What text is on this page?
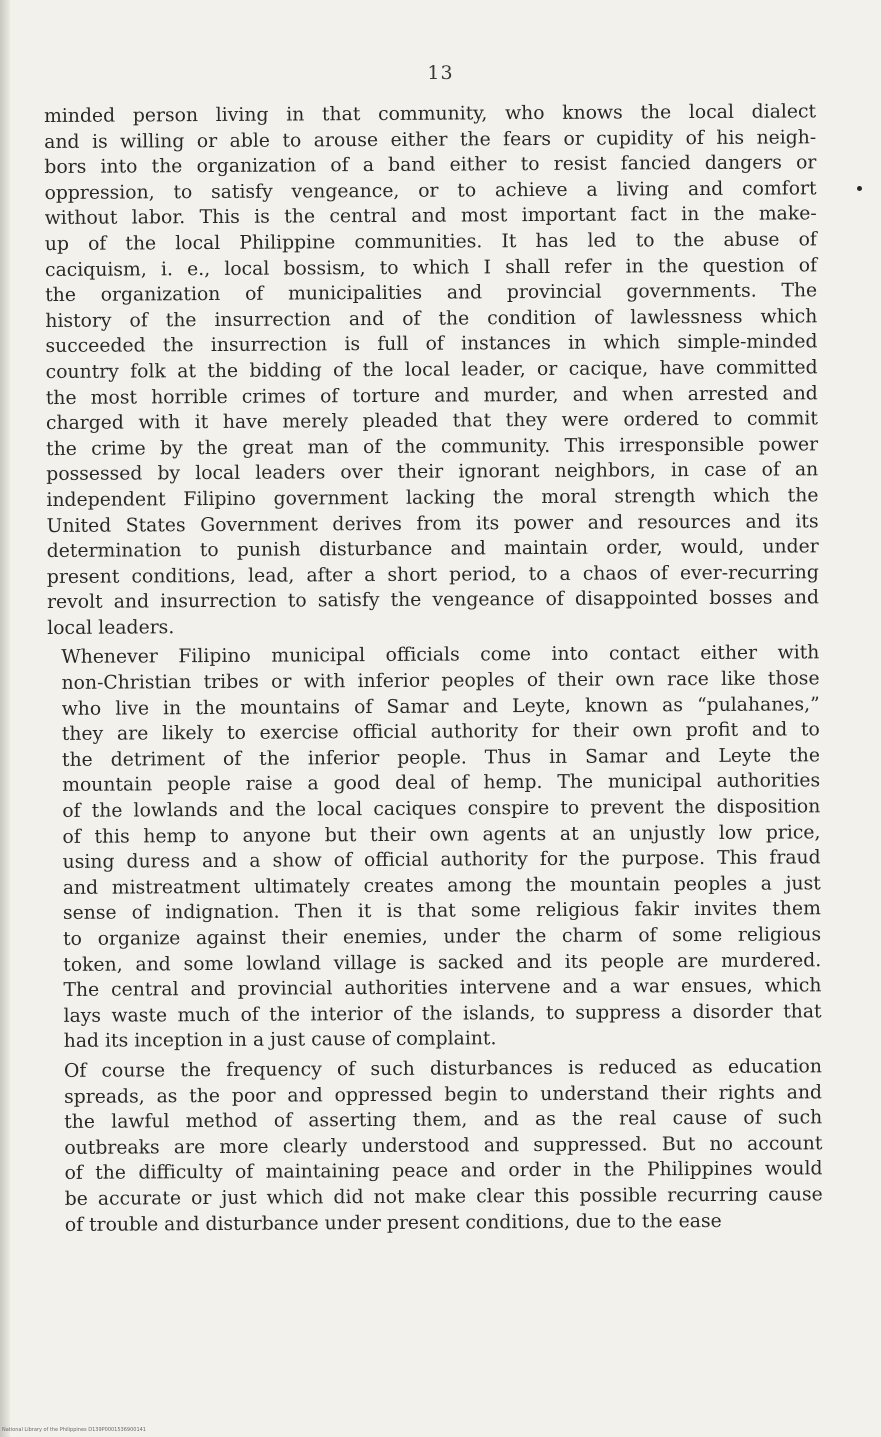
13

minded person living in that community, who knows the local dialect
and is willing or able to arouse either the fears or cupidity of his neigh-
bors into the organization of a band either to resist fancied dangers or
oppression, to satisfy vengeance, or to achieve a living and comfort
without labor. This is the central and most important fact in the make-
up of the local Philippine communities. It has led to the abuse of
caciquism, i. e., local bossism, to which I shall refer in the question of
the organization of municipalities and provincial governments. The
history of the insurrection and of the condition of lawlessness which
succeeded the insurrection is full of instances in which simple-minded
country folk at the bidding of the local leader, or cacique, have committed
the most horrible crimes of torture and murder, and when arrested and
charged with it have merely pleaded that they were ordered to commit
the crime by the great man of the community. This irresponsible power
possessed by local leaders over their ignorant neighbors, in case of an
independent Filipino government lacking the moral strength which the
United States Government derives from its power and resources and its
determination to punish disturbance and maintain order, would, under
present conditions, lead, after a short period, to a chaos of ever-recurring
revolt and insurrection to satisfy the vengeance of disappointed bosses and
local leaders.

Whenever Filipino municipal officials come into contact either with
non-Christian tribes or with inferior peoples of their own race like those
who live in the mountains of Samar and Leyte, known as “pulahanes,”
they are likely to exercise official authority for their own profit and to
the detriment of the inferior people. Thus in Samar and Leyte the
mountain people raise a good deal of hemp. The municipal authorities
of the lowlands and the local caciques conspire to prevent the disposition
of this hemp to anyone but their own agents at an unjustly low price,
using duress and a show of official authority for the purpose. This fraud
and mistreatment ultimately creates among the mountain peoples a just
sense of indignation. Then it is that some religious fakir invites them
to organize against their enemies, under the charm of some religious
token, and some lowland village is sacked and its people are murdered.
The central and provincial authorities intervene and a war ensues, which
lays waste much of the interior of the islands, to suppress a disorder that
had its inception in a just cause of complaint.

Of course the frequency of such disturbances is reduced as education
spreads, as the poor and oppressed begin to understand their rights and
the lawful method of asserting them, and as the real cause of such
outbreaks are more clearly understood and suppressed. But no account
of the difficulty of maintaining peace and order in the Philippines would
be accurate or just which did not make clear this possible recurring cause
of trouble and disturbance under present conditions, due to the ease

National Library of the Philippines D139P0001536900141
